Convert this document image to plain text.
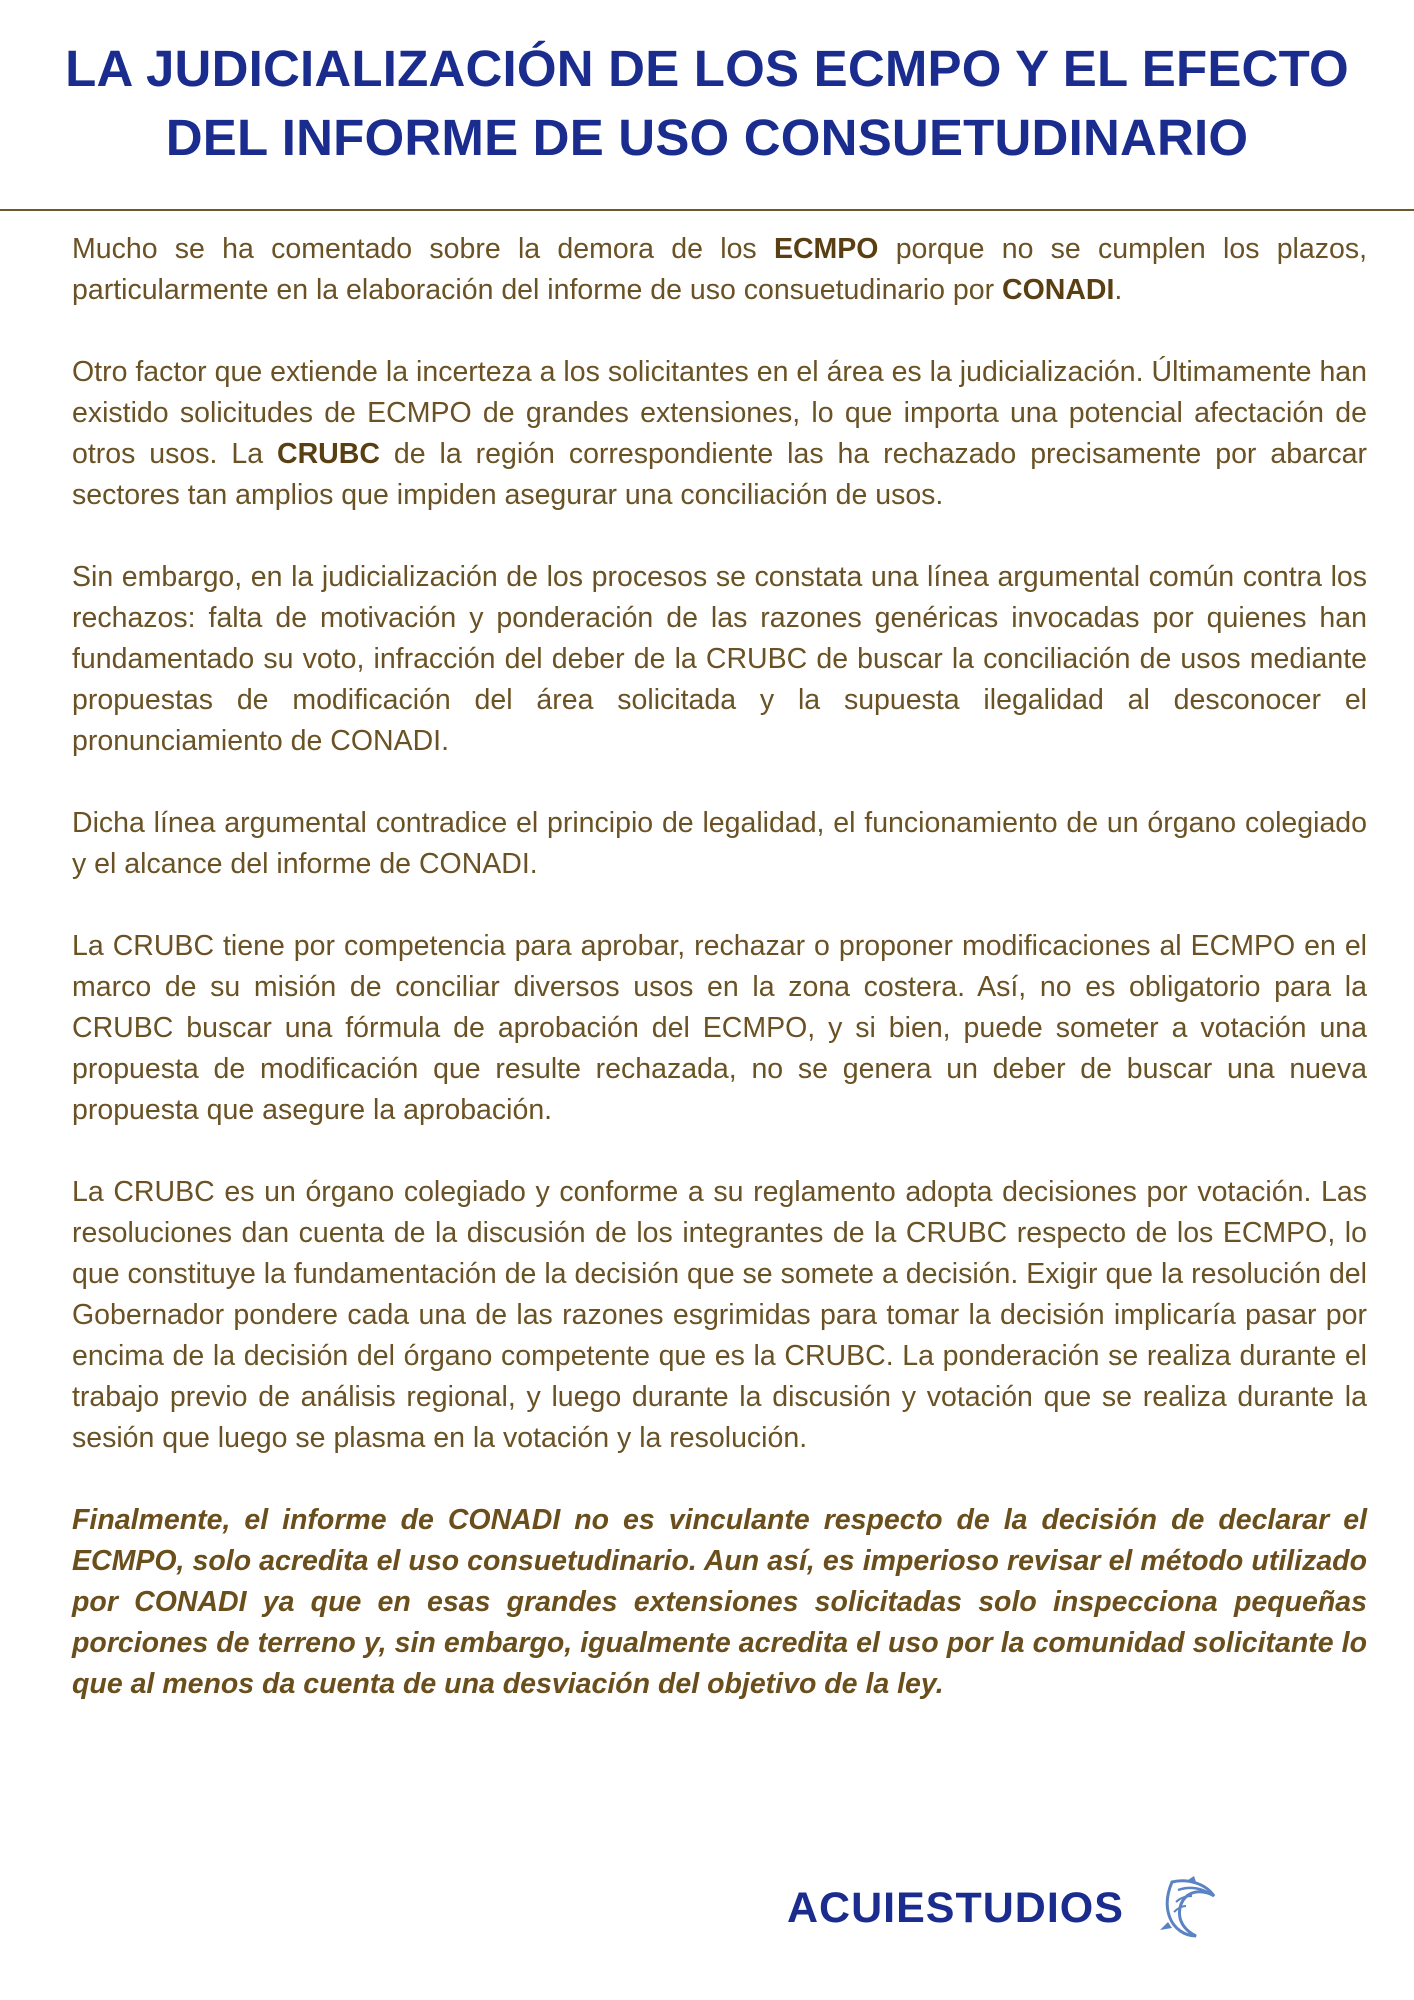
LA JUDICIALIZACIÓN DE LOS ECMPO Y EL EFECTO
DEL INFORME DE USO CONSUETUDINARIO

Mucho se ha comentado sobre la demora de los ECMPO porque no se cumplen los plazos, particularmente en la elaboración del informe de uso consuetudinario por CONADI.

Otro factor que extiende la incerteza a los solicitantes en el área es la judicialización. Últimamente han existido solicitudes de ECMPO de grandes extensiones, lo que importa una potencial afectación de otros usos. La CRUBC de la región correspondiente las ha rechazado precisamente por abarcar sectores tan amplios que impiden asegurar una conciliación de usos.

Sin embargo, en la judicialización de los procesos se constata una línea argumental común contra los rechazos: falta de motivación y ponderación de las razones genéricas invocadas por quienes han fundamentado su voto, infracción del deber de la CRUBC de buscar la conciliación de usos mediante propuestas de modificación del área solicitada y la supuesta ilegalidad al desconocer el pronunciamiento de CONADI.

Dicha línea argumental contradice el principio de legalidad, el funcionamiento de un órgano colegiado y el alcance del informe de CONADI.

La CRUBC tiene por competencia para aprobar, rechazar o proponer modificaciones al ECMPO en el marco de su misión de conciliar diversos usos en la zona costera. Así, no es obligatorio para la CRUBC buscar una fórmula de aprobación del ECMPO, y si bien, puede someter a votación una propuesta de modificación que resulte rechazada, no se genera un deber de buscar una nueva propuesta que asegure la aprobación.

La CRUBC es un órgano colegiado y conforme a su reglamento adopta decisiones por votación. Las resoluciones dan cuenta de la discusión de los integrantes de la CRUBC respecto de los ECMPO, lo que constituye la fundamentación de la decisión que se somete a decisión. Exigir que la resolución del Gobernador pondere cada una de las razones esgrimidas para tomar la decisión implicaría pasar por encima de la decisión del órgano competente que es la CRUBC. La ponderación se realiza durante el trabajo previo de análisis regional, y luego durante la discusión y votación que se realiza durante la sesión que luego se plasma en la votación y la resolución.

Finalmente, el informe de CONADI no es vinculante respecto de la decisión de declarar el ECMPO, solo acredita el uso consuetudinario. Aun así, es imperioso revisar el método utilizado por CONADI ya que en esas grandes extensiones solicitadas solo inspecciona pequeñas porciones de terreno y, sin embargo, igualmente acredita el uso por la comunidad solicitante lo que al menos da cuenta de una desviación del objetivo de la ley.

ACUIESTUDIOS
